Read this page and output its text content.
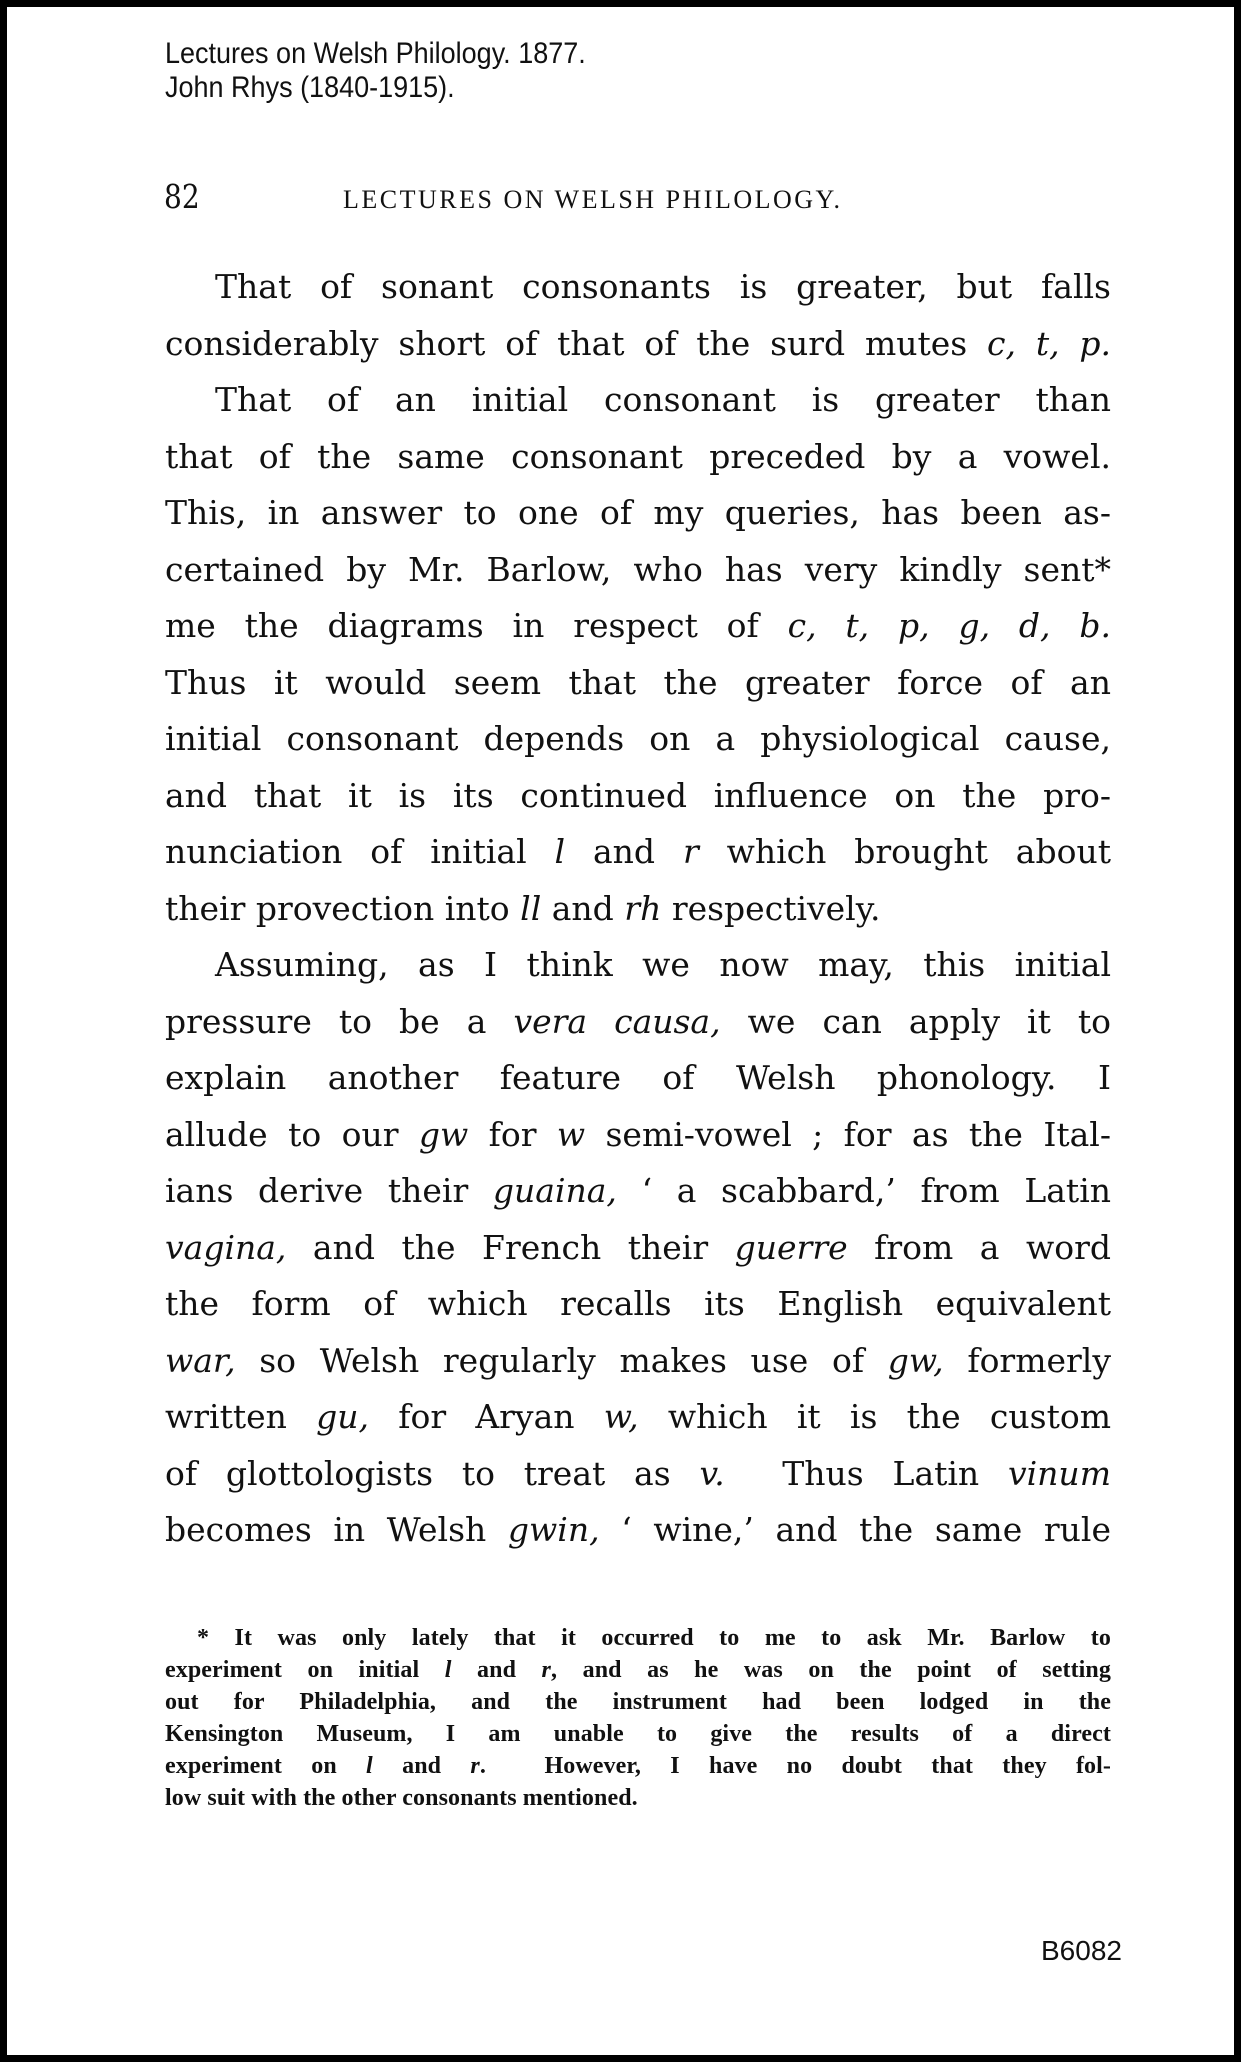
Lectures on Welsh Philology. 1877.
John Rhys (1840-1915).
82	LECTURES ON WELSH PHILOLOGY.
That of sonant consonants is greater, but falls
considerably short of that of the surd mutes c, t, p.
That of an initial consonant is greater than
that of the same consonant preceded by a vowel.
This, in answer to one of my queries, has been as-
certained by Mr. Barlow, who has very kindly sent*
me the diagrams in respect of c, t, p, g, d, b.
Thus it would seem that the greater force of an
initial consonant depends on a physiological cause,
and that it is its continued influence on the pro-
nunciation of initial l and r which brought about
their provection into ll and rh respectively.
Assuming, as I think we now may, this initial
pressure to be a vera causa, we can apply it to
explain another feature of Welsh phonology. I
allude to our gw for w semi-vowel ; for as the Ital-
ians derive their guaina, ‘ a scabbard,’ from Latin
vagina, and the French their guerre from a word
the form of which recalls its English equivalent
war, so Welsh regularly makes use of gw, formerly
written gu, for Aryan w, which it is the custom
of glottologists to treat as v.  Thus Latin vinum
becomes in Welsh gwin, ‘ wine,’ and the same rule
* It was only lately that it occurred to me to ask Mr. Barlow to
experiment on initial l and r, and as he was on the point of setting
out for Philadelphia, and the instrument had been lodged in the
Kensington Museum, I am unable to give the results of a direct
experiment on l and r.  However, I have no doubt that they fol-
low suit with the other consonants mentioned.
B6082
